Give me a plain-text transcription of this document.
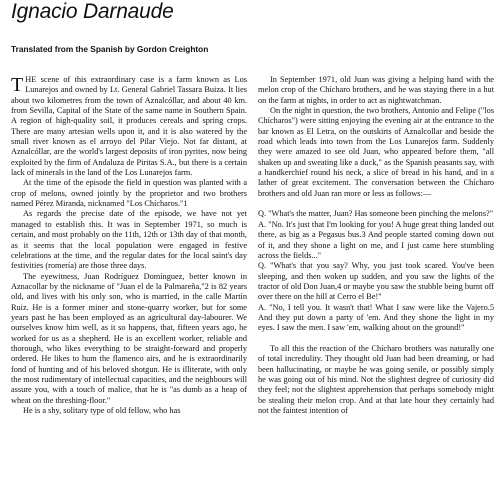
Ignacio Darnaude
Translated from the Spanish by Gordon Creighton

THE scene of this extraordinary case is a farm known as Los Lunarejos and owned by Lt. General Gabriel Tassara Buiza. It lies about two kilometres from the town of Aznalcóllar, and about 40 km. from Sevilla, Capital of the State of the same name in Southern Spain. A region of high-quality soil, it produces cereals and spring crops. There are many artesian wells upon it, and it is also watered by the small river known as el arroyo del Pilar Viejo. Not far distant, at Aznalcóllar, are the world's largest deposits of iron pyrites, now being exploited by the firm of Andaluza de Piritas S.A., but there is a certain lack of minerals in the land of the Los Lunarejos farm.

At the time of the episode the field in question was planted with a crop of melons, owned jointly by the proprietor and two brothers named Pérez Miranda, nicknamed "Los Chícharos."1

As regards the precise date of the episode, we have not yet managed to establish this. It was in September 1971, so much is certain, and most probably on the 11th, 12th or 13th day of that month, as it seems that the local population were engaged in festive celebrations at the time, and the regular dates for the local saint's day festivities (romería) are those three days.

The eyewitness, Juan Rodríguez Domínguez, better known in Aznacollar by the nickname of "Juan el de la Palmareña,"2 is 82 years old, and lives with his only son, who is married, in the calle Martín Ruiz. He is a former miner and stone-quarry worker, but for some years past he has been employed as an agricultural day-labourer. We ourselves know him well, as it so happens, that, fifteen years ago, he worked for us as a shepherd. He is an excellent worker, reliable and thorough, who likes everything to be straight-forward and properly ordered. He likes to hum the flamenco airs, and he is extraordinarily fond of hunting and of his beloved shotgun. He is illiterate, with only the most rudimentary of intellectual capacities, and the neighbours will assure you, with a touch of malice, that he is "as dumb as a heap of wheat on the threshing-floor."

He is a shy, solitary type of old fellow, who has

In September 1971, old Juan was giving a helping hand with the melon crop of the Chícharo brothers, and he was staying there in a hut on the farm at nights, in order to act as nightwatchman.

On the night in question, the two brothers, Antonio and Felipe ("los Chícharos") were sitting enjoying the evening air at the entrance to the bar known as El Letra, on the outskirts of Aznalcollar and beside the road which leads into town from the Los Lunarejos farm. Suddenly they were amazed to see old Juan, who appeared before them, "all shaken up and sweating like a duck," as the Spanish peasants say, with a handkerchief round his neck, a slice of bread in his hand, and in a lather of great excitement. The conversation between the Chícharo brothers and old Juan ran more or less as follows:—

Q. "What's the matter, Juan? Has someone been pinching the melons?"

A. "No. It's just that I'm looking for you! A huge great thing landed out there, as big as a Pegasus bus.3 And people started coming down out of it, and they shone a light on me, and I just came here stumbling across the fields..."

Q. "What's that you say? Why, you just took scared. You've been sleeping, and then woken up sudden, and you saw the lights of the tractor of old Don Juan,4 or maybe you saw the stubble being burnt off over there on the hill at Cerro el Be!"

A. "No, I tell you. It wasn't that! What I saw were like the Vajero.5 And they put down a party of 'em. And they shone the light in my eyes. I saw the men. I saw 'em, walking about on the ground!"

To all this the reaction of the Chícharo brothers was naturally one of total incredulity. They thought old Juan had been dreaming, or had been hallucinating, or maybe he was going senile, or possibly simply he was going out of his mind. Not the slightest degree of curiosity did they feel; not the slightest apprehension that perhaps somebody might be stealing their melon crop. And at that late hour they certainly had not the faintest intention of
